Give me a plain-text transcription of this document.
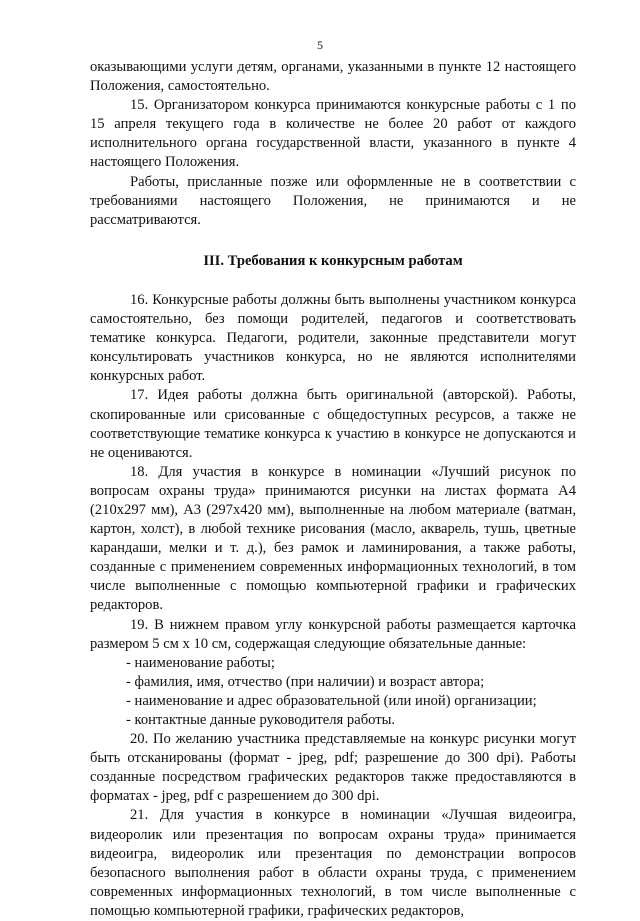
5

оказывающими услуги детям, органами, указанными в пункте 12 настоящего Положения, самостоятельно.

15. Организатором конкурса принимаются конкурсные работы с 1 по 15 апреля текущего года в количестве не более 20 работ от каждого исполнительного органа государственной власти, указанного в пункте 4 настоящего Положения.

Работы, присланные позже или оформленные не в соответствии с требованиями настоящего Положения, не принимаются и не рассматриваются.

III. Требования к конкурсным работам

16. Конкурсные работы должны быть выполнены участником конкурса самостоятельно, без помощи родителей, педагогов и соответствовать тематике конкурса. Педагоги, родители, законные представители могут консультировать участников конкурса, но не являются исполнителями конкурсных работ.

17. Идея работы должна быть оригинальной (авторской). Работы, скопированные или срисованные с общедоступных ресурсов, а также не соответствующие тематике конкурса к участию в конкурсе не допускаются и не оцениваются.

18. Для участия в конкурсе в номинации «Лучший рисунок по вопросам охраны труда» принимаются рисунки на листах формата А4 (210x297 мм), А3 (297x420 мм), выполненные на любом материале (ватман, картон, холст), в любой технике рисования (масло, акварель, тушь, цветные карандаши, мелки и т. д.), без рамок и ламинирования, а также работы, созданные с применением современных информационных технологий, в том числе выполненные с помощью компьютерной графики и графических редакторов.

19. В нижнем правом углу конкурсной работы размещается карточка размером 5 см х 10 см, содержащая следующие обязательные данные:

- наименование работы;

- фамилия, имя, отчество (при наличии) и возраст автора;

- наименование и адрес образовательной (или иной) организации;

- контактные данные руководителя работы.

20. По желанию участника представляемые на конкурс рисунки могут быть отсканированы (формат - jpeg, pdf; разрешение до 300 dpi). Работы созданные посредством графических редакторов также предоставляются в форматах - jpeg, pdf с разрешением до 300 dpi.

21. Для участия в конкурсе в номинации «Лучшая видеоигра, видеоролик или презентация по вопросам охраны труда» принимается видеоигра, видеоролик или презентация по демонстрации вопросов безопасного выполнения работ в области охраны труда, с применением современных информационных технологий, в том числе выполненные с помощью компьютерной графики, графических редакторов,
